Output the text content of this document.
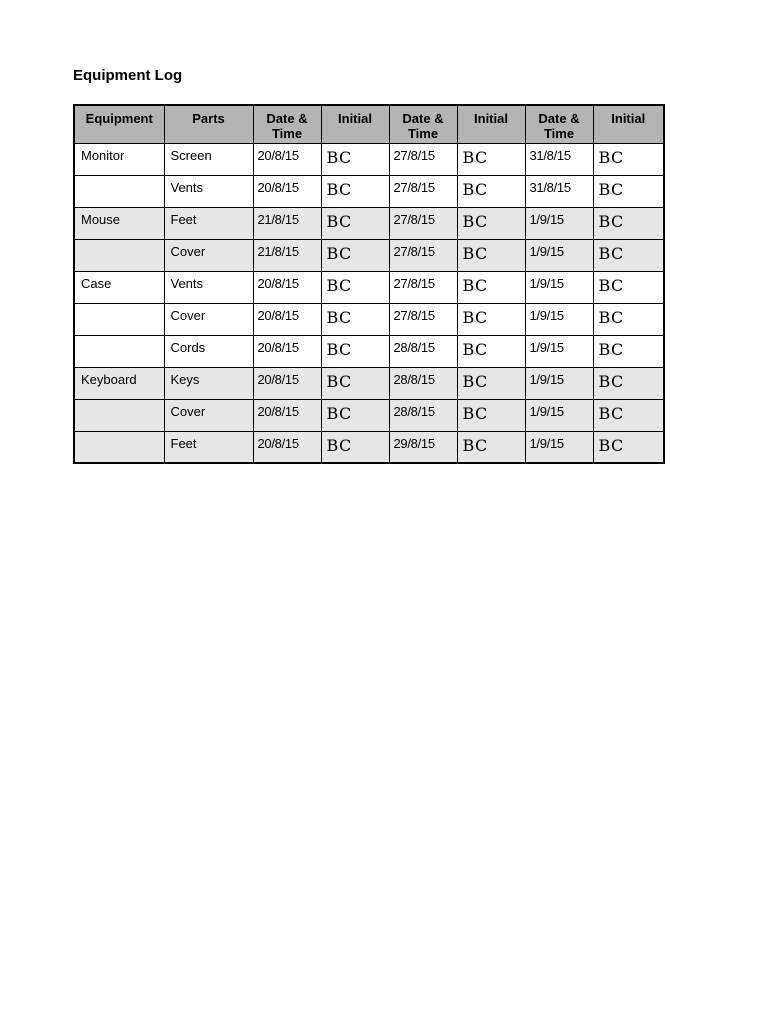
Equipment Log
Equipment	Parts	Date & Time	Initial	Date & Time	Initial	Date & Time	Initial
Monitor	Screen	20/8/15	BC	27/8/15	BC	31/8/15	BC
	Vents	20/8/15	BC	27/8/15	BC	31/8/15	BC
Mouse	Feet	21/8/15	BC	27/8/15	BC	1/9/15	BC
	Cover	21/8/15	BC	27/8/15	BC	1/9/15	BC
Case	Vents	20/8/15	BC	27/8/15	BC	1/9/15	BC
	Cover	20/8/15	BC	27/8/15	BC	1/9/15	BC
	Cords	20/8/15	BC	28/8/15	BC	1/9/15	BC
Keyboard	Keys	20/8/15	BC	28/8/15	BC	1/9/15	BC
	Cover	20/8/15	BC	28/8/15	BC	1/9/15	BC
	Feet	20/8/15	BC	29/8/15	BC	1/9/15	BC
